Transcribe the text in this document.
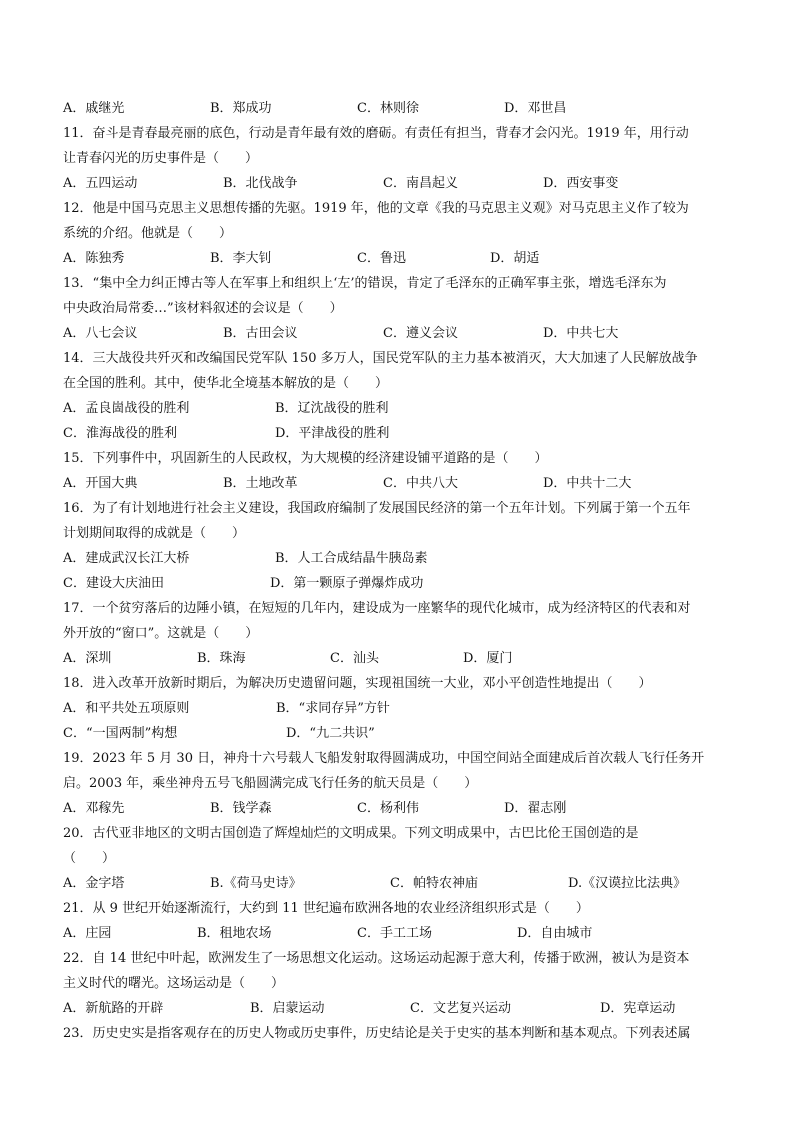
A．戚继光	B．郑成功	C．林则徐	D．邓世昌
11．奋斗是青春最亮丽的底色，行动是青年最有效的磨砺。有责任有担当，背春才会闪光。1919 年，用行动
让青春闪光的历史事件是（　　）
A．五四运动	B．北伐战争	C．南昌起义	D．西安事变
12．他是中国马克思主义思想传播的先驱。1919 年，他的文章《我的马克思主义观》对马克思主义作了较为
系统的介绍。他就是（　　）
A．陈独秀	B．李大钊	C．鲁迅	D．胡适
13．“集中全力纠正博古等人在军事上和组织上‘左’的错误，肯定了毛泽东的正确军事主张，增选毛泽东为
中央政治局常委…”该材料叙述的会议是（　　）
A．八七会议	B．古田会议	C．遵义会议	D．中共七大
14．三大战役共歼灭和改编国民党军队 150 多万人，国民党军队的主力基本被消灭，大大加速了人民解放战争
在全国的胜利。其中，使华北全境基本解放的是（　　）
A．孟良崮战役的胜利	B．辽沈战役的胜利
C．淮海战役的胜利	D．平津战役的胜利
15．下列事件中，巩固新生的人民政权，为大规模的经济建设铺平道路的是（　　）
A．开国大典	B．土地改革	C．中共八大	D．中共十二大
16．为了有计划地进行社会主义建设，我国政府编制了发展国民经济的第一个五年计划。下列属于第一个五年
计划期间取得的成就是（　　）
A．建成武汉长江大桥	B．人工合成结晶牛胰岛素
C．建设大庆油田	D．第一颗原子弹爆炸成功
17．一个贫穷落后的边陲小镇，在短短的几年内，建设成为一座繁华的现代化城市，成为经济特区的代表和对
外开放的“窗口”。这就是（　　）
A．深圳	B．珠海	C．汕头	D．厦门
18．进入改革开放新时期后，为解决历史遗留问题，实现祖国统一大业，邓小平创造性地提出（　　）
A．和平共处五项原则	B．“求同存异”方针
C．“一国两制”构想	D．“九二共识”
19．2023 年 5 月 30 日，神舟十六号载人飞船发射取得圆满成功，中国空间站全面建成后首次载人飞行任务开
启。2003 年，乘坐神舟五号飞船圆满完成飞行任务的航天员是（　　）
A．邓稼先	B．钱学森	C．杨利伟	D．翟志刚
20．古代亚非地区的文明古国创造了辉煌灿烂的文明成果。下列文明成果中，古巴比伦王国创造的是
（　　）
A．金字塔	B.《荷马史诗》	C．帕特农神庙	D.《汉谟拉比法典》
21．从 9 世纪开始逐渐流行，大约到 11 世纪遍布欧洲各地的农业经济组织形式是（　　）
A．庄园	B．租地农场	C．手工工场	D．自由城市
22．自 14 世纪中叶起，欧洲发生了一场思想文化运动。这场运动起源于意大利，传播于欧洲，被认为是资本
主义时代的曙光。这场运动是（　　）
A．新航路的开辟	B．启蒙运动	C．文艺复兴运动	D．宪章运动
23．历史史实是指客观存在的历史人物或历史事件，历史结论是关于史实的基本判断和基本观点。下列表述属
